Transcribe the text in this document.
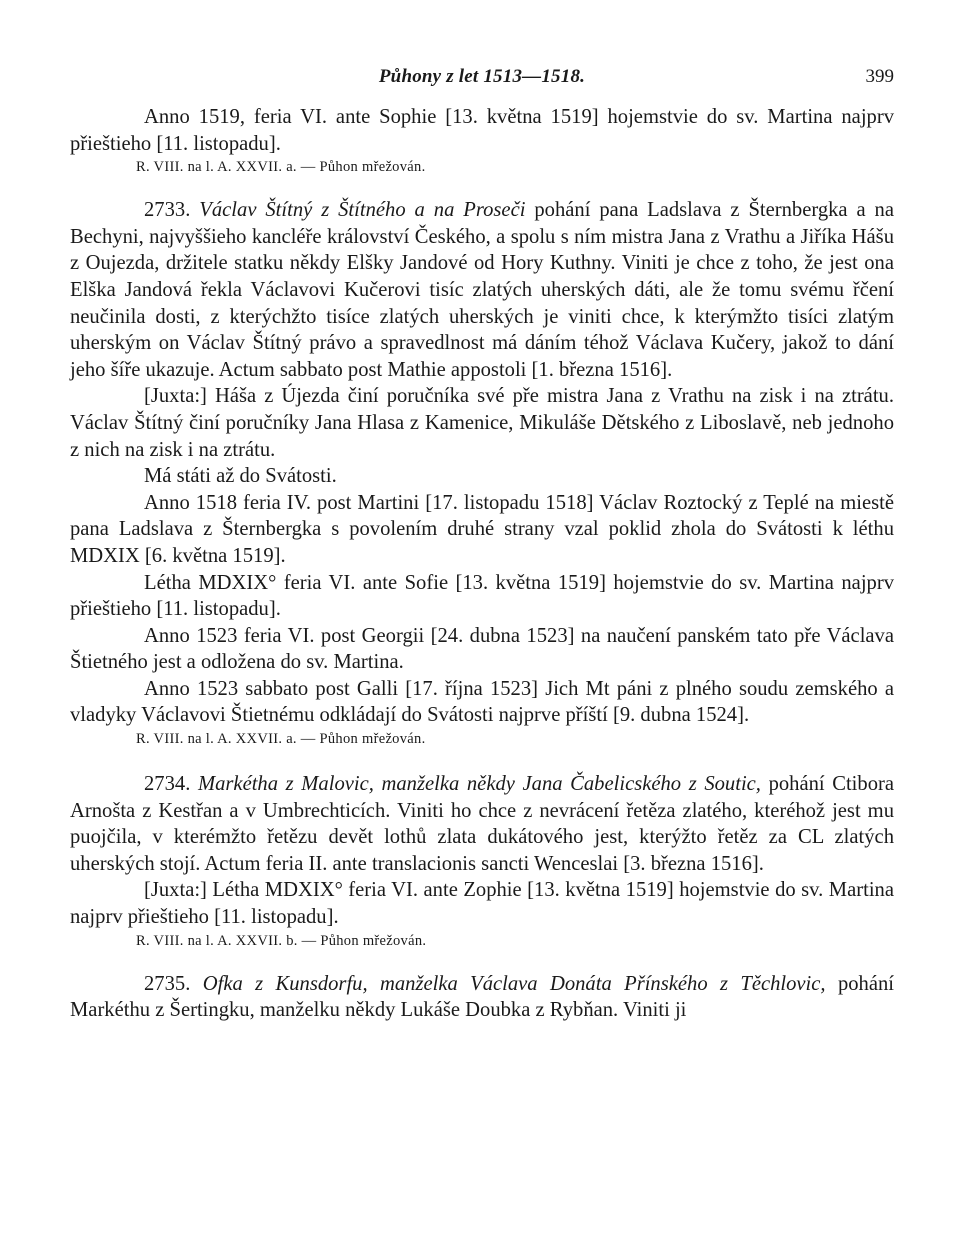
Půhony z let 1513—1518.	399

Anno 1519, feria VI. ante Sophie [13. května 1519] hojemstvie do sv. Martina najprv přieštieho [11. listopadu].

R. VIII. na l. A. XXVII. a. — Půhon mřežován.

2733. Václav Štítný z Štítného a na Proseči pohání pana Ladslava z Šternbergka a na Bechyni, najvyššieho kancléře království Českého, a spolu s ním mistra Jana z Vrathu a Jiříka Hášu z Oujezda, držitele statku někdy Elšky Jandové od Hory Kuthny. Viniti je chce z toho, že jest ona Elška Jandová řekla Václavovi Kučerovi tisíc zlatých uherských dáti, ale že tomu svému řčení neučinila dosti, z kterýchžto tisíce zlatých uherských je viniti chce, k kterýmžto tisíci zlatým uherským on Václav Štítný právo a spravedlnost má dáním téhož Václava Kučery, jakož to dání jeho šíře ukazuje. Actum sabbato post Mathie appostoli [1. března 1516].

[Juxta:] Háša z Újezda činí poručníka své pře mistra Jana z Vrathu na zisk i na ztrátu. Václav Štítný činí poručníky Jana Hlasa z Kamenice, Mikuláše Dětského z Liboslavě, neb jednoho z nich na zisk i na ztrátu.

Má státi až do Svátosti.

Anno 1518 feria IV. post Martini [17. listopadu 1518] Václav Roztocký z Teplé na miestě pana Ladslava z Šternbergka s povolením druhé strany vzal poklid zhola do Svátosti k léthu MDXIX [6. května 1519].

Létha MDXIX° feria VI. ante Sofie [13. května 1519] hojemstvie do sv. Martina najprv přieštieho [11. listopadu].

Anno 1523 feria VI. post Georgii [24. dubna 1523] na naučení panském tato pře Václava Štietného jest a odložena do sv. Martina.

Anno 1523 sabbato post Galli [17. října 1523] Jich Mt páni z plného soudu zemského a vladyky Václavovi Štietnému odkládají do Svátosti najprve příští [9. dubna 1524].

R. VIII. na l. A. XXVII. a. — Půhon mřežován.

2734. Markétha z Malovic, manželka někdy Jana Čabelicského z Soutic, pohání Ctibora Arnošta z Kestřan a v Umbrechticích. Viniti ho chce z nevrácení řetěza zlatého, kteréhož jest mu puojčila, v kterémžto řetězu devět lothů zlata dukátového jest, kterýžto řetěz za CL zlatých uherských stojí. Actum feria II. ante translacionis sancti Wenceslai [3. března 1516].

[Juxta:] Létha MDXIX° feria VI. ante Zophie [13. května 1519] hojemstvie do sv. Martina najprv přieštieho [11. listopadu].

R. VIII. na l. A. XXVII. b. — Půhon mřežován.

2735. Ofka z Kunsdorfu, manželka Václava Donáta Přínského z Těchlovic, pohání Markéthu z Šertingku, manželku někdy Lukáše Doubka z Rybňan. Viniti ji
